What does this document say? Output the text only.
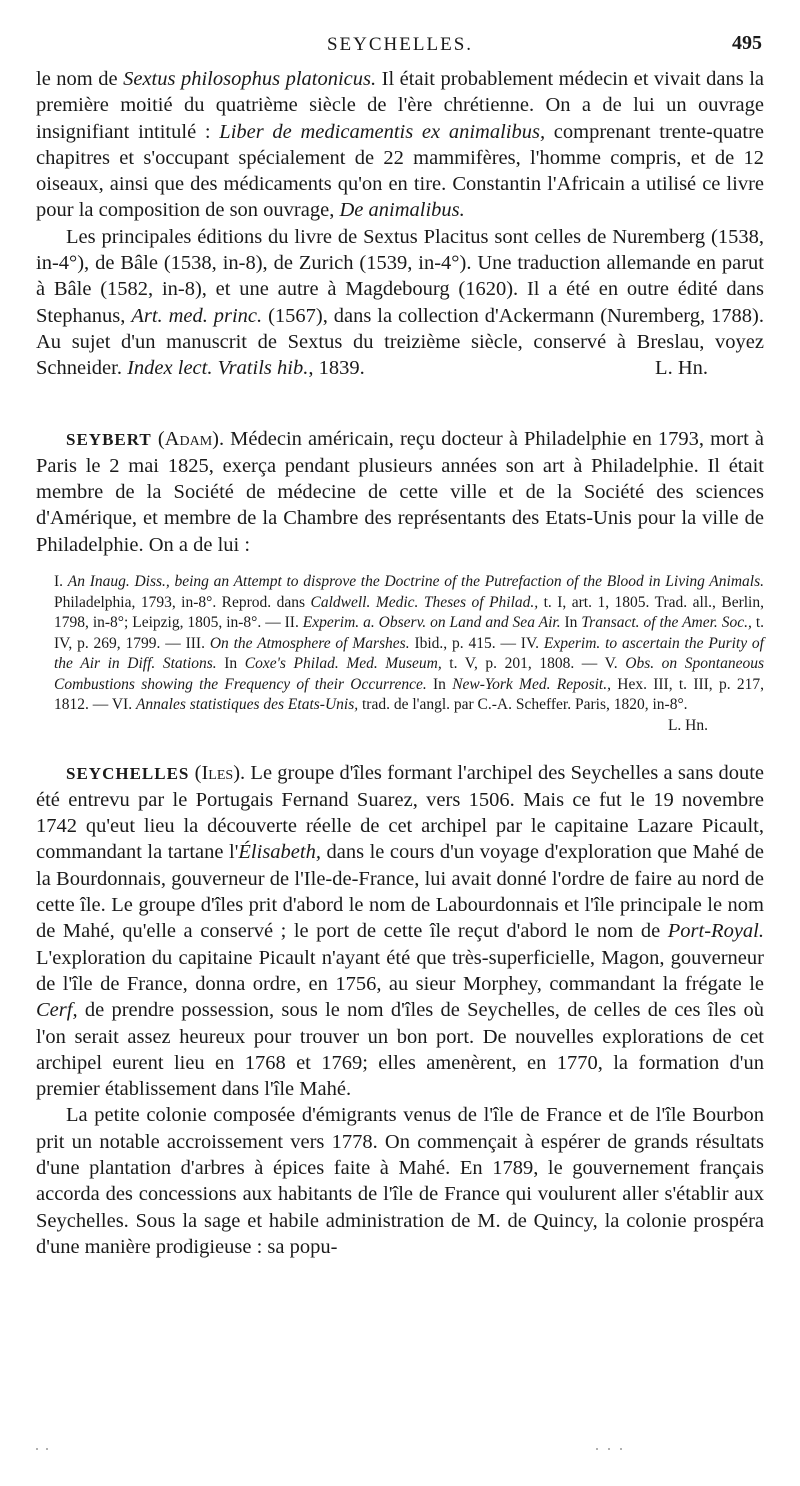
SEYCHELLES.	495

le nom de Sextus philosophus platonicus. Il était probablement médecin et vivait dans la première moitié du quatrième siècle de l'ère chrétienne. On a de lui un ouvrage insignifiant intitulé : Liber de medicamentis ex animalibus, comprenant trente-quatre chapitres et s'occupant spécialement de 22 mammifères, l'homme compris, et de 12 oiseaux, ainsi que des médicaments qu'on en tire. Constantin l'Africain a utilisé ce livre pour la composition de son ouvrage, De animalibus.

Les principales éditions du livre de Sextus Placitus sont celles de Nuremberg (1538, in-4°), de Bâle (1538, in-8), de Zurich (1539, in-4°). Une traduction allemande en parut à Bâle (1582, in-8), et une autre à Magdebourg (1620). Il a été en outre édité dans Stephanus, Art. med. princ. (1567), dans la collection d'Ackermann (Nuremberg, 1788). Au sujet d'un manuscrit de Sextus du treizième siècle, conservé à Breslau, voyez Schneider. Index lect. Vratils hib., 1839.	L. Hn.

SEYBERT (Adam). Médecin américain, reçu docteur à Philadelphie en 1793, mort à Paris le 2 mai 1825, exerça pendant plusieurs années son art à Philadelphie. Il était membre de la Société de médecine de cette ville et de la Société des sciences d'Amérique, et membre de la Chambre des représentants des Etats-Unis pour la ville de Philadelphie. On a de lui :

I. An Inaug. Diss., being an Attempt to disprove the Doctrine of the Putrefaction of the Blood in Living Animals. Philadelphia, 1793, in-8°. Reprod. dans Caldwell. Medic. Theses of Philad., t. I, art. 1, 1805. Trad. all., Berlin, 1798, in-8°; Leipzig, 1805, in-8°. — II. Experim. a. Observ. on Land and Sea Air. In Transact. of the Amer. Soc., t. IV, p. 269, 1799. — III. On the Atmosphere of Marshes. Ibid., p. 415. — IV. Experim. to ascertain the Purity of the Air in Diff. Stations. In Coxe's Philad. Med. Museum, t. V, p. 201, 1808. — V. Obs. on Spontaneous Combustions showing the Frequency of their Occurrence. In New-York Med. Reposit., Hex. III, t. III, p. 217, 1812. — VI. Annales statistiques des Etats-Unis, trad. de l'angl. par C.-A. Scheffer. Paris, 1820, in-8°.
L. Hn.

SEYCHELLES (Iles). Le groupe d'îles formant l'archipel des Seychelles a sans doute été entrevu par le Portugais Fernand Suarez, vers 1506. Mais ce fut le 19 novembre 1742 qu'eut lieu la découverte réelle de cet archipel par le capitaine Lazare Picault, commandant la tartane l'Élisabeth, dans le cours d'un voyage d'exploration que Mahé de la Bourdonnais, gouverneur de l'Ile-de-France, lui avait donné l'ordre de faire au nord de cette île. Le groupe d'îles prit d'abord le nom de Labourdonnais et l'île principale le nom de Mahé, qu'elle a conservé ; le port de cette île reçut d'abord le nom de Port-Royal. L'exploration du capitaine Picault n'ayant été que très-superficielle, Magon, gouverneur de l'île de France, donna ordre, en 1756, au sieur Morphey, commandant la frégate le Cerf, de prendre possession, sous le nom d'îles de Seychelles, de celles de ces îles où l'on serait assez heureux pour trouver un bon port. De nouvelles explorations de cet archipel eurent lieu en 1768 et 1769; elles amenèrent, en 1770, la formation d'un premier établissement dans l'île Mahé.

La petite colonie composée d'émigrants venus de l'île de France et de l'île Bourbon prit un notable accroissement vers 1778. On commençait à espérer de grands résultats d'une plantation d'arbres à épices faite à Mahé. En 1789, le gouvernement français accorda des concessions aux habitants de l'île de France qui voulurent aller s'établir aux Seychelles. Sous la sage et habile administration de M. de Quincy, la colonie prospéra d'une manière prodigieuse : sa popu-
